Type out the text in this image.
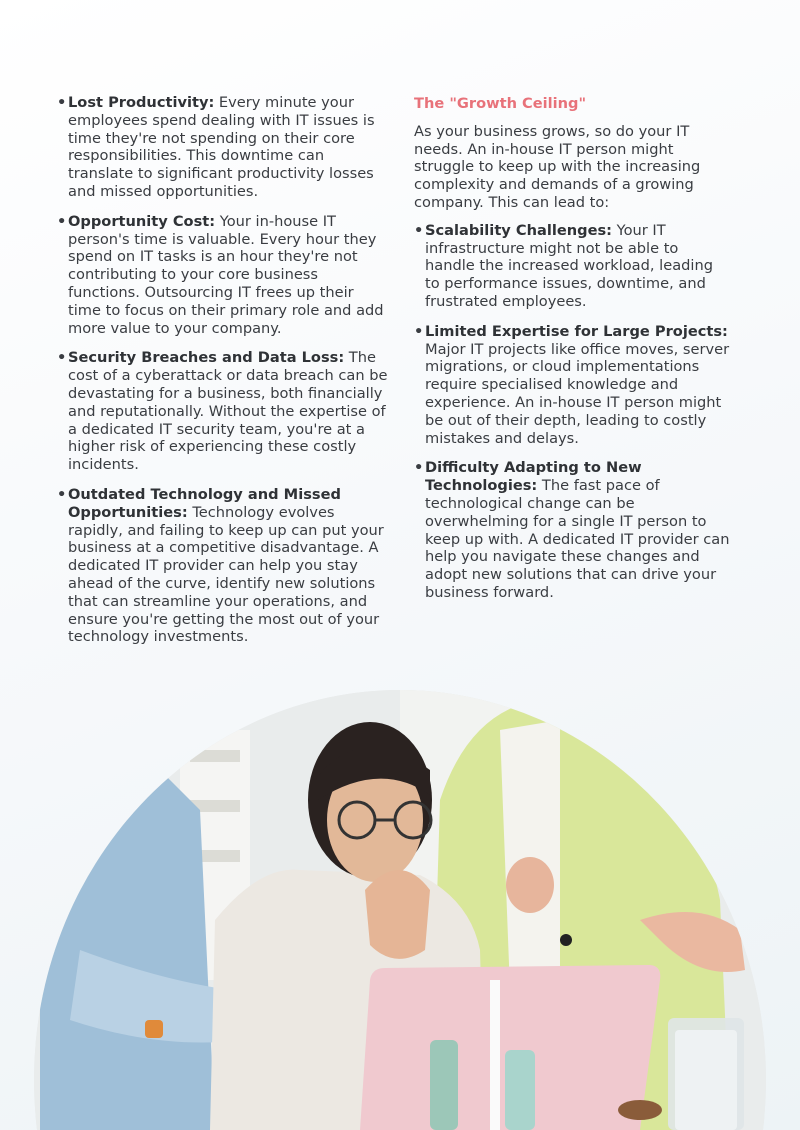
• Lost Productivity: Every minute your employees spend dealing with IT issues is time they're not spending on their core responsibilities. This downtime can translate to significant productivity losses and missed opportunities.
• Opportunity Cost: Your in-house IT person's time is valuable. Every hour they spend on IT tasks is an hour they're not contributing to your core business functions. Outsourcing IT frees up their time to focus on their primary role and add more value to your company.
• Security Breaches and Data Loss: The cost of a cyberattack or data breach can be devastating for a business, both financially and reputationally. Without the expertise of a dedicated IT security team, you're at a higher risk of experiencing these costly incidents.
• Outdated Technology and Missed Opportunities: Technology evolves rapidly, and failing to keep up can put your business at a competitive disadvantage. A dedicated IT provider can help you stay ahead of the curve, identify new solutions that can streamline your operations, and ensure you're getting the most out of your technology investments.
The "Growth Ceiling"

As your business grows, so do your IT needs. An in-house IT person might struggle to keep up with the increasing complexity and demands of a growing company. This can lead to:

• Scalability Challenges: Your IT infrastructure might not be able to handle the increased workload, leading to performance issues, downtime, and frustrated employees.
• Limited Expertise for Large Projects: Major IT projects like office moves, server migrations, or cloud implementations require specialised knowledge and experience. An in-house IT person might be out of their depth, leading to costly mistakes and delays.
• Difficulty Adapting to New Technologies: The fast pace of technological change can be overwhelming for a single IT person to keep up with. A dedicated IT provider can help you navigate these changes and adopt new solutions that can drive your business forward.
